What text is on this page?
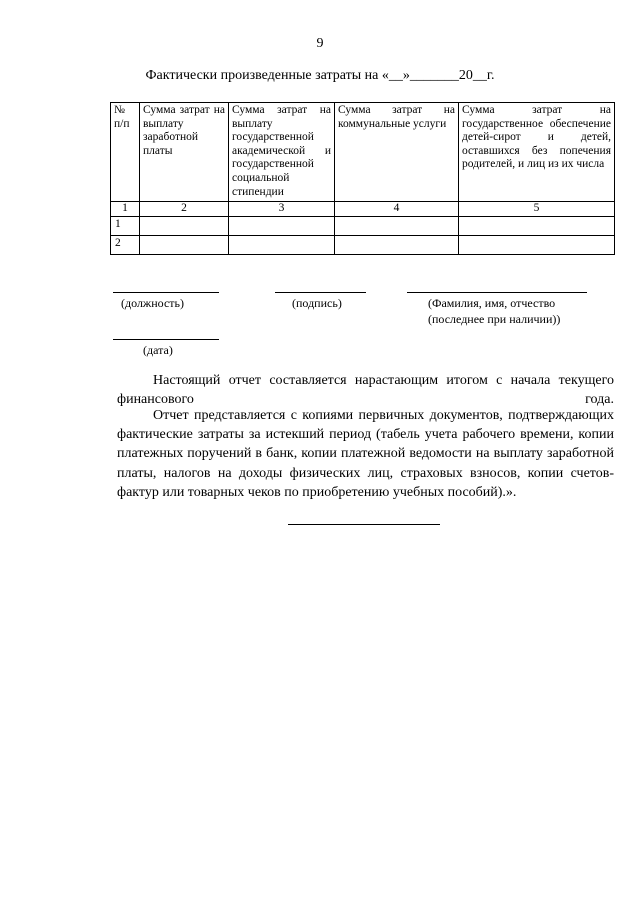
9
Фактически произведенные затраты на «__»_______20__г.
№ п/п	Сумма затрат на выплату заработной платы	Сумма затрат на выплату государственной академической и государственной социальной стипендии	Сумма затрат на коммунальные услуги	Сумма затрат на государственное обеспечение детей-сирот и детей, оставшихся без попечения родителей, и лиц из их числа
1	2	3	4	5
1				
2				
(должность)	(подпись)	(Фамилия, имя, отчество
(последнее при наличии))
(дата)

Настоящий отчет составляется нарастающим итогом с начала текущего финансового года.

Отчет представляется с копиями первичных документов, подтверждающих фактические затраты за истекший период (табель учета рабочего времени, копии платежных поручений в банк, копии платежной ведомости на выплату заработной платы, налогов на доходы физических лиц, страховых взносов, копии счетов-фактур или товарных чеков по приобретению учебных пособий).».
